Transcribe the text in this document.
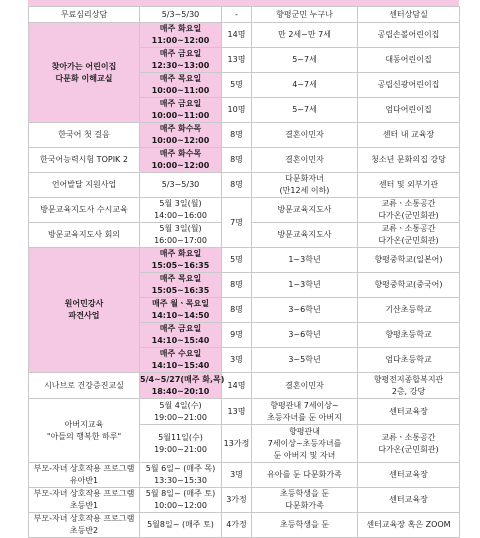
무료심리상담	5/3~5/30	-	향평군민 누구나	센터상담실

찾아가는 어린이집
다문화 이해교실	매주 화요일
11:00~12:00	14명	만 2세~만 7세	공립손볼어린이집

	매주 금요일
12:30~13:00	13명	5~7세	대동어린이집

	매주 목요일
10:00~11:00	5명	4~7세	공립신광어린이집

	매주 금요일
10:00~11:00	10명	5~7세	엄다어린이집
한국어 첫 걸음	매주 화수목
10:00~12:00	8명	결혼이민자	센터 내 교육장
한국어능력시험 TOPIK 2	매주 화수목
10:00~12:00	8명	결혼이민자	청소년 문화의집 강당
언어발달 지원사업	5/3~5/30	8명	다문화자녀
(만12세 이하)	센터 및 외부기관
방문교육지도사 수시교육	5월 3일(월)
14:00~16:00	7명	방문교육지도사	교류ㆍ소통공간
다가온(군민회관)

방문교육지도사 회의	5월 3일(월)
16:00~17:00		방문교육지도사	교류ㆍ소통공간
다가온(군민회관)

원어민강사
파견사업	매주 화요일
15:05~16:35	5명	1~3학년	향평중학교(일본어)

	매주 목요일
15:05~16:35	8명	1~3학년	향평중학교(중국어)

	매주 월ㆍ목요일
14:10~14:50	8명	3~6학년	기산초등학교

	매주 금요일
14:10~15:40	9명	3~6학년	향평초등학교

	매주 수요일
14:10~15:40	3명	3~5학년	엄다초등학교
시나브로 건강증진교실	5/4~5/27(매주 화,목)
18:40~20:10	14명	결혼이민자	향평전지종합복지관
2층, 강당

아버지교육
"아들의 행복한 하루"	5월 4일(수)
19:00~21:00	13명	향평관내 7세이상~
초등자녀를 둔 아버지	센터교육장

	5월11일(수)
19:00~21:00	13가정	향평관내
7세이상~초등자녀를
둔 아버지 및 자녀	교류ㆍ소통공간
다가온(군민회관)

부모-자녀 상호작용 프로그램
유아반1	5월 6일~ (매주 목)
13:30~15:30	3명	유아를 둔 다문화가족	센터교육장

부모-자녀 상호작용 프로그램
초등반1	5월 8일~ (매주 토)
10:00~12:00	3가정	초등학생을 둔
다문화가족	센터교육장

부모-자녀 상호작용 프로그램
초등반2	5월8일~ (매주 토)	4가정	초등학생을 둔	센터교육장 혹은 ZOOM
